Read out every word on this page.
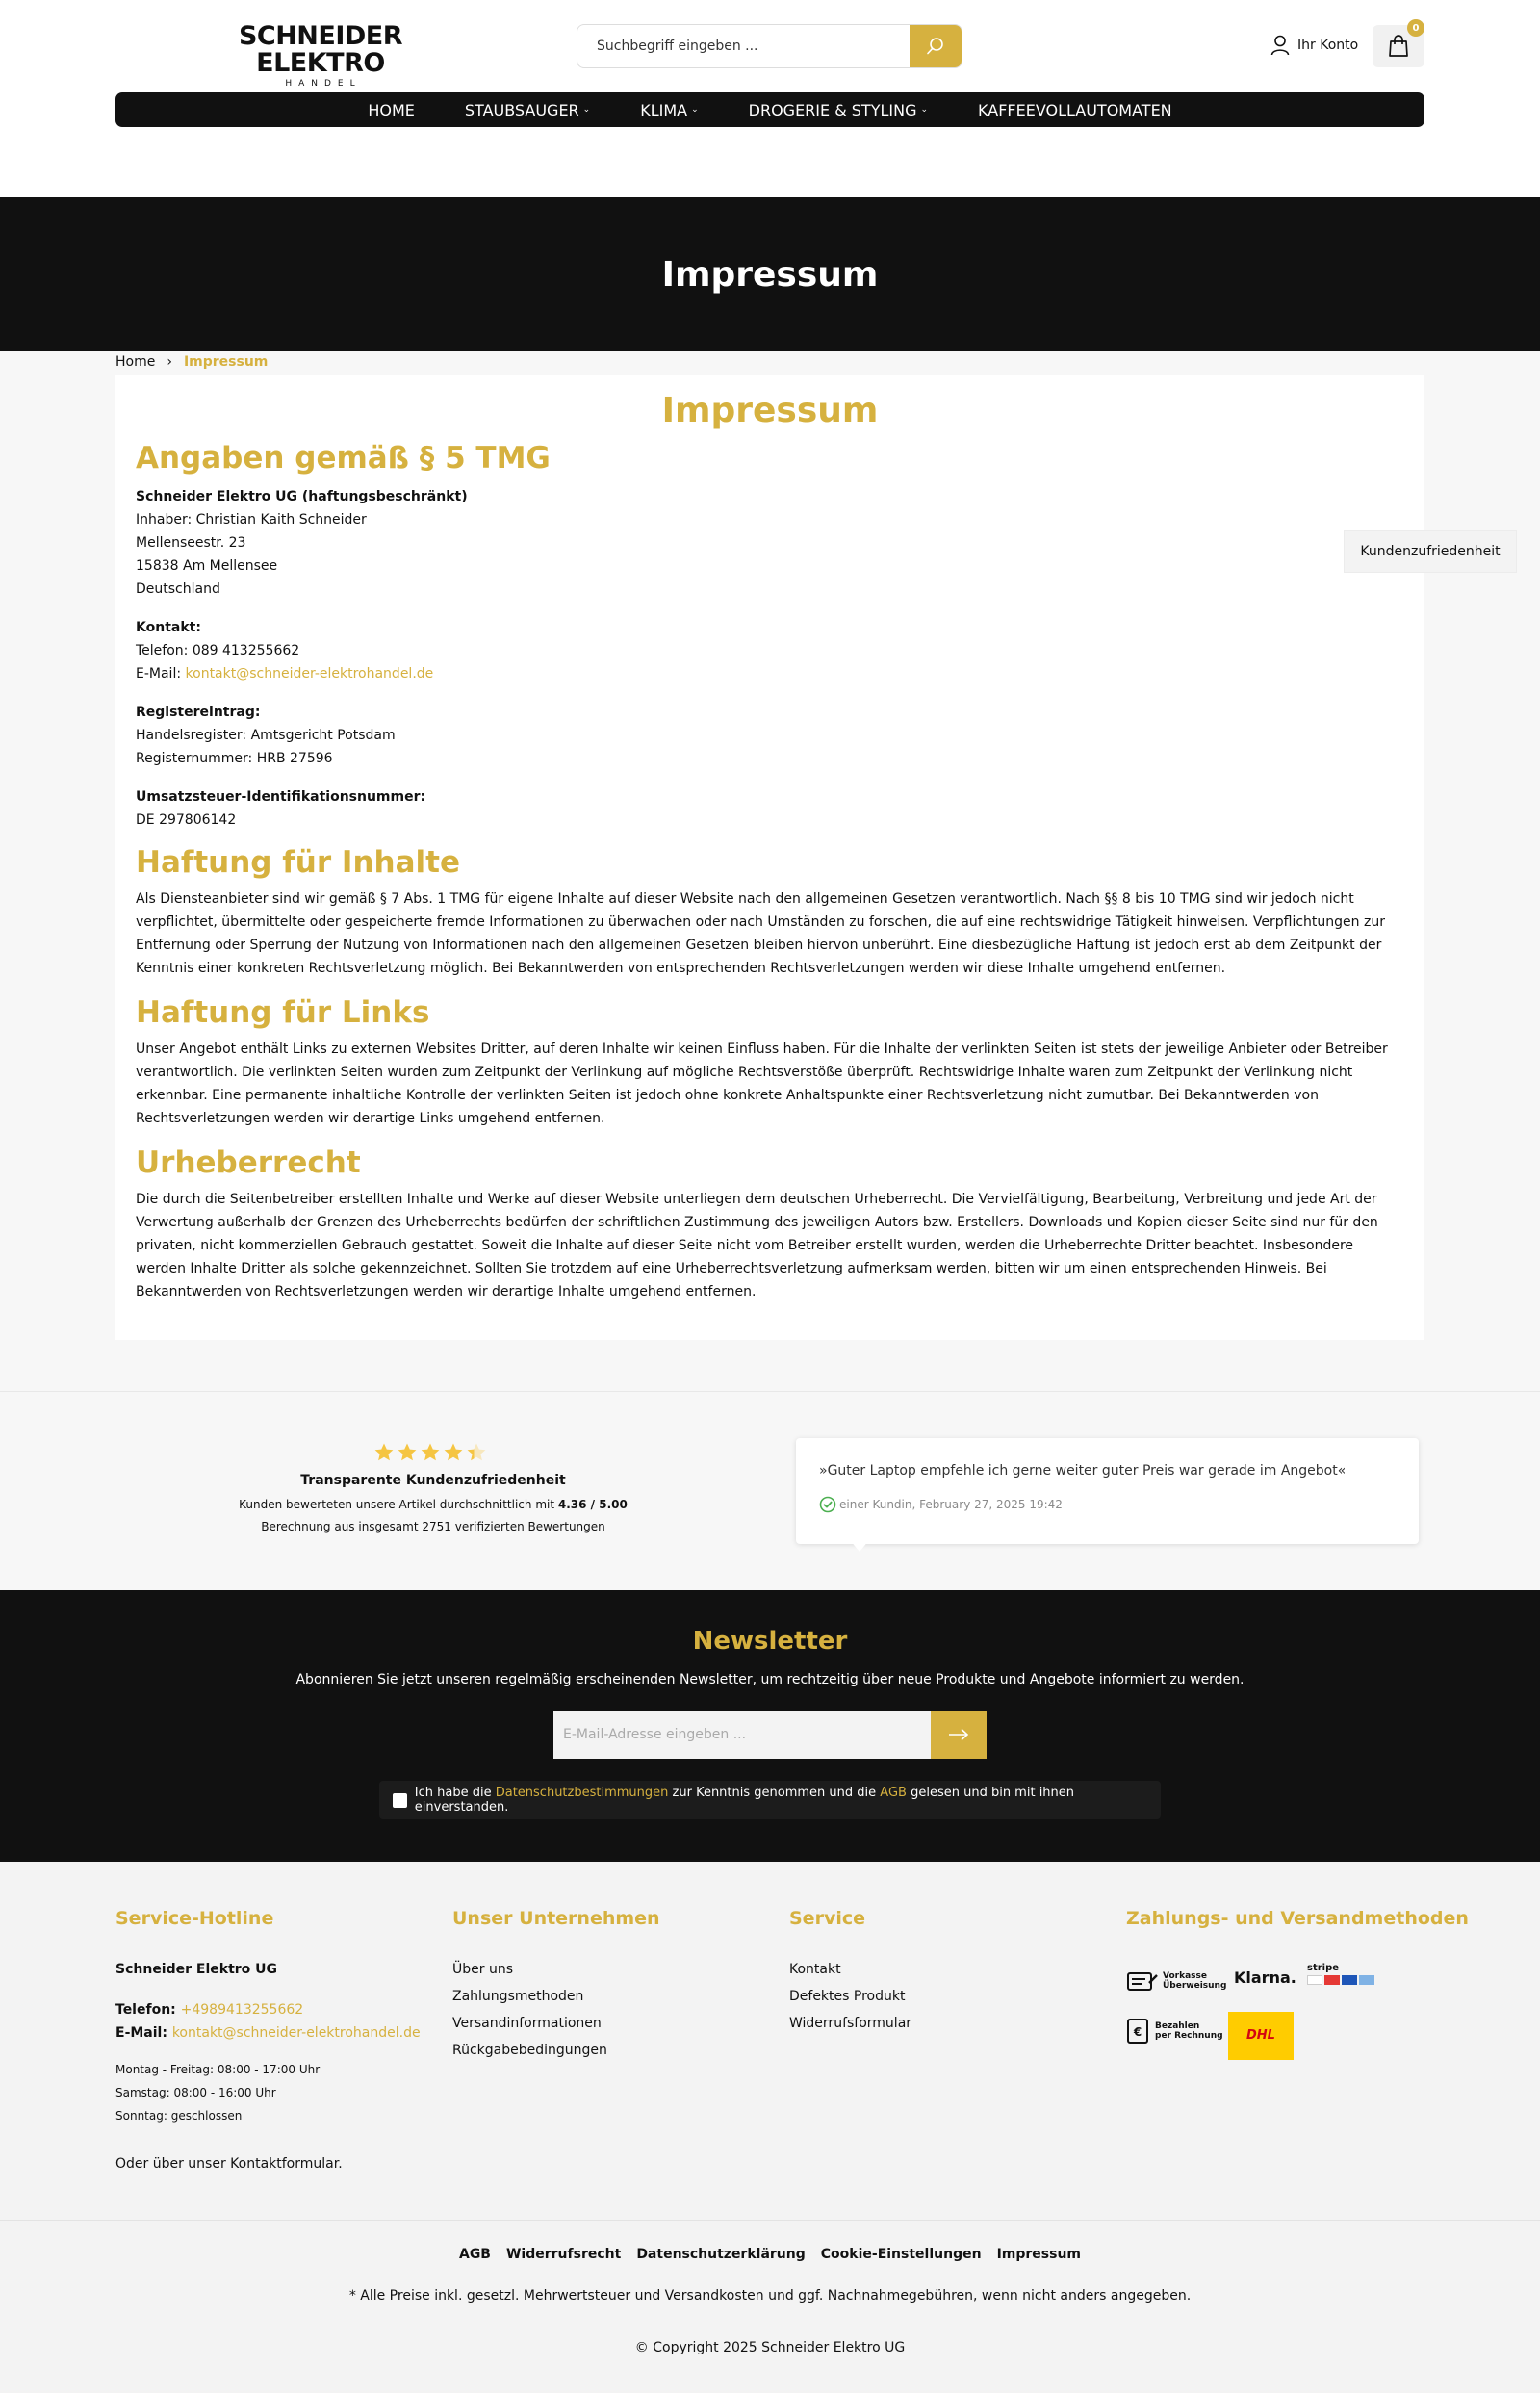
SCHNEIDER ELEKTRO
HANDEL
Suchbegriff eingeben ...
Ihr Konto
0
HOME	STAUBSAUGER ⌄	KLIMA ⌄	DROGERIE & STYLING ⌄	KAFFEEVOLLAUTOMATEN
Impressum
Home › Impressum
Impressum
Angaben gemäß § 5 TMG
Schneider Elektro UG (haftungsbeschränkt)
Inhaber: Christian Kaith Schneider
Mellenseestr. 23
15838 Am Mellensee
Deutschland
Kontakt:
Telefon: 089 413255662
E-Mail: kontakt@schneider-elektrohandel.de
Registereintrag:
Handelsregister: Amtsgericht Potsdam
Registernummer: HRB 27596
Umsatzsteuer-Identifikationsnummer:
DE 297806142
Haftung für Inhalte

Als Diensteanbieter sind wir gemäß § 7 Abs. 1 TMG für eigene Inhalte auf dieser Website nach den allgemeinen Gesetzen verantwortlich. Nach §§ 8 bis 10 TMG sind wir jedoch nicht verpflichtet, übermittelte oder gespeicherte fremde Informationen zu überwachen oder nach Umständen zu forschen, die auf eine rechtswidrige Tätigkeit hinweisen. Verpflichtungen zur Entfernung oder Sperrung der Nutzung von Informationen nach den allgemeinen Gesetzen bleiben hiervon unberührt. Eine diesbezügliche Haftung ist jedoch erst ab dem Zeitpunkt der Kenntnis einer konkreten Rechtsverletzung möglich. Bei Bekanntwerden von entsprechenden Rechtsverletzungen werden wir diese Inhalte umgehend entfernen.

Haftung für Links

Unser Angebot enthält Links zu externen Websites Dritter, auf deren Inhalte wir keinen Einfluss haben. Für die Inhalte der verlinkten Seiten ist stets der jeweilige Anbieter oder Betreiber verantwortlich. Die verlinkten Seiten wurden zum Zeitpunkt der Verlinkung auf mögliche Rechtsverstöße überprüft. Rechtswidrige Inhalte waren zum Zeitpunkt der Verlinkung nicht erkennbar. Eine permanente inhaltliche Kontrolle der verlinkten Seiten ist jedoch ohne konkrete Anhaltspunkte einer Rechtsverletzung nicht zumutbar. Bei Bekanntwerden von Rechtsverletzungen werden wir derartige Links umgehend entfernen.

Urheberrecht

Die durch die Seitenbetreiber erstellten Inhalte und Werke auf dieser Website unterliegen dem deutschen Urheberrecht. Die Vervielfältigung, Bearbeitung, Verbreitung und jede Art der Verwertung außerhalb der Grenzen des Urheberrechts bedürfen der schriftlichen Zustimmung des jeweiligen Autors bzw. Erstellers. Downloads und Kopien dieser Seite sind nur für den privaten, nicht kommerziellen Gebrauch gestattet. Soweit die Inhalte auf dieser Seite nicht vom Betreiber erstellt wurden, werden die Urheberrechte Dritter beachtet. Insbesondere werden Inhalte Dritter als solche gekennzeichnet. Sollten Sie trotzdem auf eine Urheberrechtsverletzung aufmerksam werden, bitten wir um einen entsprechenden Hinweis. Bei Bekanntwerden von Rechtsverletzungen werden wir derartige Inhalte umgehend entfernen.

Kundenzufriedenheit
Transparente Kundenzufriedenheit
Kunden bewerteten unsere Artikel durchschnittlich mit 4.36 / 5.00
Berechnung aus insgesamt 2751 verifizierten Bewertungen
»Guter Laptop empfehle ich gerne weiter guter Preis war gerade im Angebot«
einer Kundin, February 27, 2025 19:42
Newsletter

Abonnieren Sie jetzt unseren regelmäßig erscheinenden Newsletter, um rechtzeitig über neue Produkte und Angebote informiert zu werden.

E-Mail-Adresse eingeben ...
Ich habe die Datenschutzbestimmungen zur Kenntnis genommen und die AGB gelesen und bin mit ihnen einverstanden.
Service-Hotline
Schneider Elektro UG
Telefon: +4989413255662
E-Mail: kontakt@schneider-elektrohandel.de
Montag - Freitag: 08:00 - 17:00 Uhr
Samstag: 08:00 - 16:00 Uhr
Sonntag: geschlossen
Oder über unser Kontaktformular.
Unser Unternehmen
Über uns
Zahlungsmethoden
Versandinformationen
Rückgabebedingungen
Service
Kontakt
Defektes Produkt
Widerrufsformular
Zahlungs- und Versandmethoden
Vorkasse
Überweisung Klarna.
stripe
€ Bezahlen
per Rechnung DHL
AGB Widerrufsrecht Datenschutzerklärung Cookie-Einstellungen Impressum
* Alle Preise inkl. gesetzl. Mehrwertsteuer und Versandkosten und ggf. Nachnahmegebühren, wenn nicht anders angegeben.
© Copyright 2025 Schneider Elektro UG
